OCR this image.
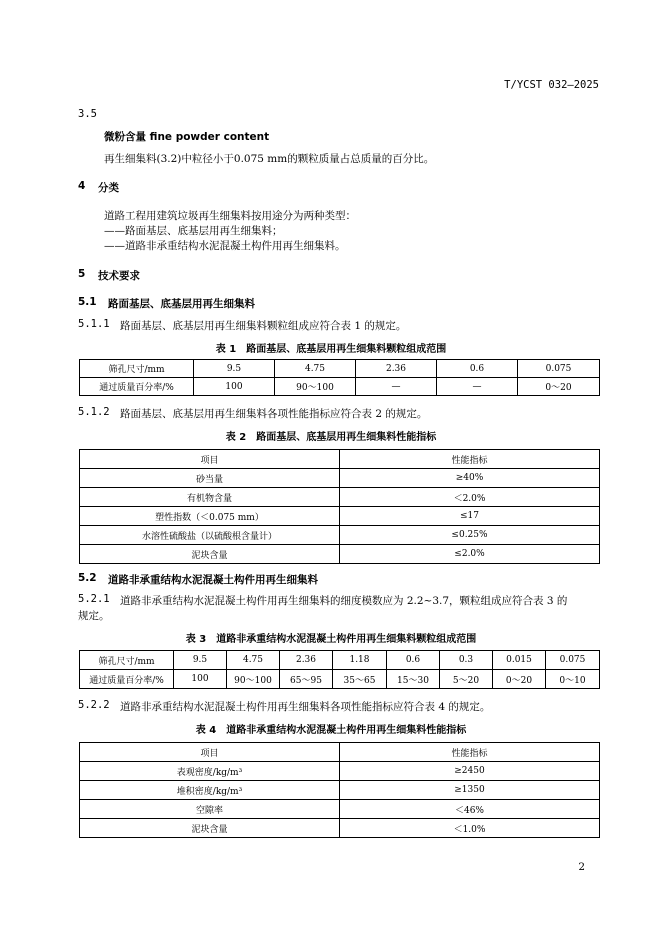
T/YCST 032—2025
3.5
微粉含量 fine powder content
再生细集料(3.2)中粒径小于0.075 mm的颗粒质量占总质量的百分比。
4 分类
道路工程用建筑垃圾再生细集料按用途分为两种类型：
——路面基层、底基层用再生细集料；
——道路非承重结构水泥混凝土构件用再生细集料。
5 技术要求
5.1 路面基层、底基层用再生细集料
5.1.1 路面基层、底基层用再生细集料颗粒组成应符合表 1 的规定。
表 1　路面基层、底基层用再生细集料颗粒组成范围
筛孔尺寸/mm	9.5	4.75	2.36	0.6	0.075
通过质量百分率/%	100	90～100	—	—	0～20
5.1.2 路面基层、底基层用再生细集料各项性能指标应符合表 2 的规定。
表 2　路面基层、底基层用再生细集料性能指标
项目	性能指标
砂当量	≥40%
有机物含量	＜2.0%
塑性指数（＜0.075 mm）	≤17
水溶性硫酸盐（以硫酸根含量计）	≤0.25%
泥块含量	≤2.0%
5.2 道路非承重结构水泥混凝土构件用再生细集料
5.2.1 道路非承重结构水泥混凝土构件用再生细集料的细度模数应为 2.2~3.7，颗粒组成应符合表 3 的
规定。
表 3　道路非承重结构水泥混凝土构件用再生细集料颗粒组成范围
筛孔尺寸/mm	9.5	4.75	2.36	1.18	0.6	0.3	0.015	0.075
通过质量百分率/%	100	90～100	65～95	35～65	15～30	5～20	0～20	0～10
5.2.2 道路非承重结构水泥混凝土构件用再生细集料各项性能指标应符合表 4 的规定。
表 4　道路非承重结构水泥混凝土构件用再生细集料性能指标
项目	性能指标
表观密度/kg/m³	≥2450
堆积密度/kg/m³	≥1350
空隙率	＜46%
泥块含量	＜1.0%
2
